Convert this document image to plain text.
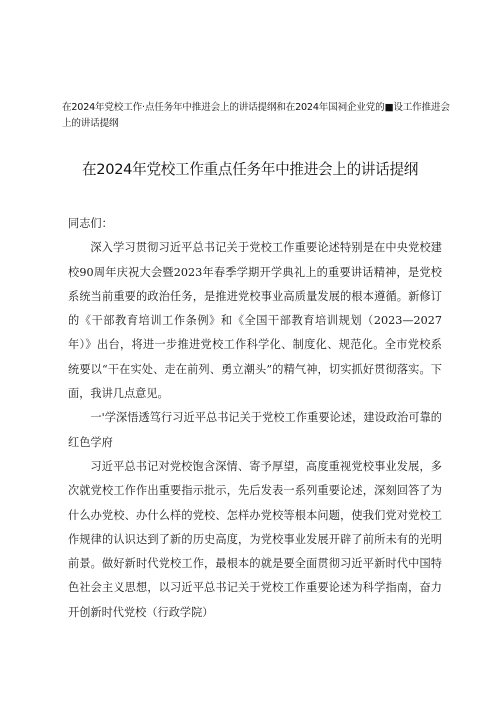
在2024年党校工作·点任务年中推进会上的讲话提纲和在2024年国祠企业党的■设工作推进会上的讲话提纲
在2024年党校工作重点任务年中推进会上的讲话提纲

同志们：

深入学习贯彻习近平总书记关于党校工作重要论述特别是在中央党校建校90周年庆祝大会暨2023年春季学期开学典礼上的重要讲话精神，是党校系统当前重要的政治任务，是推进党校事业高质量发展的根本遵循。新修订的《干部教育培训工作条例》和《全国干部教育培训规划（2023—2027年）》出台，将进一步推进党校工作科学化、制度化、规范化。全市党校系统要以“干在实处、走在前列、勇立潮头”的精气神，切实抓好贯彻落实。下面，我讲几点意见。

一'学深悟透笃行习近平总书记关于党校工作重要论述，建设政治可靠的红色学府

习近平总书记对党校饱含深情、寄予厚望，高度重视党校事业发展，多次就党校工作作出重要指示批示，先后发表一系列重要论述，深刻回答了为什么办党校、办什么样的党校、怎样办党校等根本问题，使我们党对党校工作规律的认识达到了新的历史高度，为党校事业发展开辟了前所未有的光明前景。做好新时代党校工作，最根本的就是要全面贯彻习近平新时代中国特色社会主义思想，以习近平总书记关于党校工作重要论述为科学指南，奋力开创新时代党校（行政学院）
